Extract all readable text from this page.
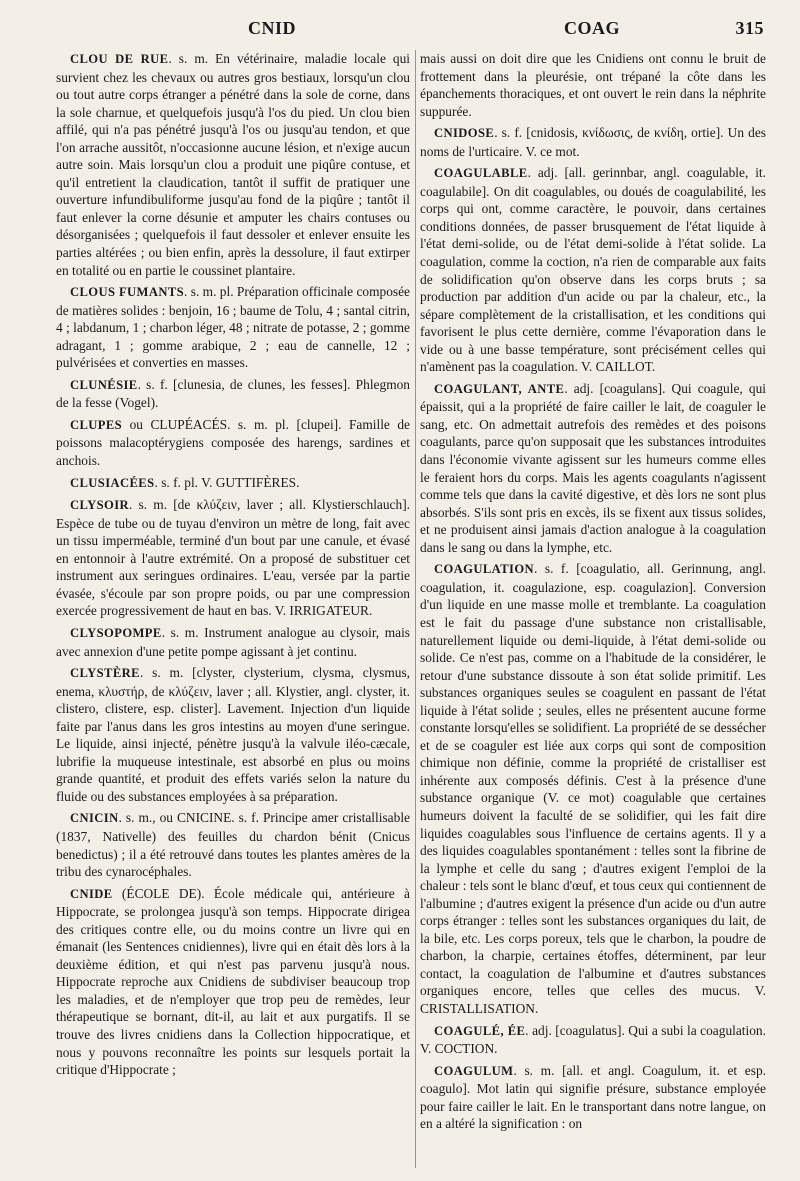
CNID	COAG	315

CLOU DE RUE. s. m. En vétérinaire, maladie locale qui survient chez les chevaux ou autres gros bestiaux, lorsqu'un clou ou tout autre corps étranger a pénétré dans la sole de corne, dans la sole charnue, et quelquefois jusqu'à l'os du pied. Un clou bien affilé, qui n'a pas pénétré jusqu'à l'os ou jusqu'au tendon, et que l'on arrache aussitôt, n'occasionne aucune lésion, et n'exige aucun autre soin. Mais lorsqu'un clou a produit une piqûre contuse, et qu'il entretient la claudication, tantôt il suffit de pratiquer une ouverture infundibuliforme jusqu'au fond de la piqûre ; tantôt il faut enlever la corne désunie et amputer les chairs contuses ou désorganisées ; quelquefois il faut dessoler et enlever ensuite les parties altérées ; ou bien enfin, après la dessolure, il faut extirper en totalité ou en partie le coussinet plantaire.

CLOUS FUMANTS. s. m. pl. Préparation officinale composée de matières solides : benjoin, 16 ; baume de Tolu, 4 ; santal citrin, 4 ; labdanum, 1 ; charbon léger, 48 ; nitrate de potasse, 2 ; gomme adragant, 1 ; gomme arabique, 2 ; eau de cannelle, 12 ; pulvérisées et converties en masses.

CLUNÉSIE. s. f. [clunesia, de clunes, les fesses]. Phlegmon de la fesse (Vogel).

CLUPES ou CLUPÉACÉS. s. m. pl. [clupei]. Famille de poissons malacoptérygiens composée des harengs, sardines et anchois.

CLUSIACÉES. s. f. pl. V. GUTTIFÈRES.

CLYSOIR. s. m. [de κλύζειν, laver ; all. Klystierschlauch]. Espèce de tube ou de tuyau d'environ un mètre de long, fait avec un tissu imperméable, terminé d'un bout par une canule, et évasé en entonnoir à l'autre extrémité. On a proposé de substituer cet instrument aux seringues ordinaires. L'eau, versée par la partie évasée, s'écoule par son propre poids, ou par une compression exercée progressivement de haut en bas. V. IRRIGATEUR.

CLYSOPOMPE. s. m. Instrument analogue au clysoir, mais avec annexion d'une petite pompe agissant à jet continu.

CLYSTÈRE. s. m. [clyster, clysterium, clysma, clysmus, enema, κλυστήρ, de κλύζειν, laver ; all. Klystier, angl. clyster, it. clistero, clistere, esp. clister]. Lavement. Injection d'un liquide faite par l'anus dans les gros intestins au moyen d'une seringue. Le liquide, ainsi injecté, pénètre jusqu'à la valvule iléo-cæcale, lubrifie la muqueuse intestinale, est absorbé en plus ou moins grande quantité, et produit des effets variés selon la nature du fluide ou des substances employées à sa préparation.

CNICIN. s. m., ou CNICINE. s. f. Principe amer cristallisable (1837, Nativelle) des feuilles du chardon bénit (Cnicus benedictus) ; il a été retrouvé dans toutes les plantes amères de la tribu des cynarocéphales.

CNIDE (ÉCOLE DE). École médicale qui, antérieure à Hippocrate, se prolongea jusqu'à son temps. Hippocrate dirigea des critiques contre elle, ou du moins contre un livre qui en émanait (les Sentences cnidiennes), livre qui en était dès lors à la deuxième édition, et qui n'est pas parvenu jusqu'à nous. Hippocrate reproche aux Cnidiens de subdiviser beaucoup trop les maladies, et de n'employer que trop peu de remèdes, leur thérapeutique se bornant, dit-il, au lait et aux purgatifs. Il se trouve des livres cnidiens dans la Collection hippocratique, et nous y pouvons reconnaître les points sur lesquels portait la critique d'Hippocrate ;

mais aussi on doit dire que les Cnidiens ont connu le bruit de frottement dans la pleurésie, ont trépané la côte dans les épanchements thoraciques, et ont ouvert le rein dans la néphrite suppurée.

CNIDOSE. s. f. [cnidosis, κνίδωσις, de κνίδη, ortie]. Un des noms de l'urticaire. V. ce mot.

COAGULABLE. adj. [all. gerinnbar, angl. coagulable, it. coagulabile]. On dit coagulables, ou doués de coagulabilité, les corps qui ont, comme caractère, le pouvoir, dans certaines conditions données, de passer brusquement de l'état liquide à l'état demi-solide, ou de l'état demi-solide à l'état solide. La coagulation, comme la coction, n'a rien de comparable aux faits de solidification qu'on observe dans les corps bruts ; sa production par addition d'un acide ou par la chaleur, etc., la sépare complètement de la cristallisation, et les conditions qui favorisent le plus cette dernière, comme l'évaporation dans le vide ou à une basse température, sont précisément celles qui n'amènent pas la coagulation. V. CAILLOT.

COAGULANT, ANTE. adj. [coagulans]. Qui coagule, qui épaissit, qui a la propriété de faire cailler le lait, de coaguler le sang, etc. On admettait autrefois des remèdes et des poisons coagulants, parce qu'on supposait que les substances introduites dans l'économie vivante agissent sur les humeurs comme elles le feraient hors du corps. Mais les agents coagulants n'agissent comme tels que dans la cavité digestive, et dès lors ne sont plus absorbés. S'ils sont pris en excès, ils se fixent aux tissus solides, et ne produisent ainsi jamais d'action analogue à la coagulation dans le sang ou dans la lymphe, etc.

COAGULATION. s. f. [coagulatio, all. Gerinnung, angl. coagulation, it. coagulazione, esp. coagulazion]. Conversion d'un liquide en une masse molle et tremblante. La coagulation est le fait du passage d'une substance non cristallisable, naturellement liquide ou demi-liquide, à l'état demi-solide ou solide. Ce n'est pas, comme on a l'habitude de la considérer, le retour d'une substance dissoute à son état solide primitif. Les substances organiques seules se coagulent en passant de l'état liquide à l'état solide ; seules, elles ne présentent aucune forme constante lorsqu'elles se solidifient. La propriété de se dessécher et de se coaguler est liée aux corps qui sont de composition chimique non définie, comme la propriété de cristalliser est inhérente aux composés définis. C'est à la présence d'une substance organique (V. ce mot) coagulable que certaines humeurs doivent la faculté de se solidifier, qui les fait dire liquides coagulables sous l'influence de certains agents. Il y a des liquides coagulables spontanément : telles sont la fibrine de la lymphe et celle du sang ; d'autres exigent l'emploi de la chaleur : tels sont le blanc d'œuf, et tous ceux qui contiennent de l'albumine ; d'autres exigent la présence d'un acide ou d'un autre corps étranger : telles sont les substances organiques du lait, de la bile, etc. Les corps poreux, tels que le charbon, la poudre de charbon, la charpie, certaines étoffes, déterminent, par leur contact, la coagulation de l'albumine et d'autres substances organiques encore, telles que celles des mucus. V. CRISTALLISATION.

COAGULÉ, ÉE. adj. [coagulatus]. Qui a subi la coagulation. V. COCTION.

COAGULUM. s. m. [all. et angl. Coagulum, it. et esp. coagulo]. Mot latin qui signifie présure, substance employée pour faire cailler le lait. En le transportant dans notre langue, on en a altéré la signification : on
